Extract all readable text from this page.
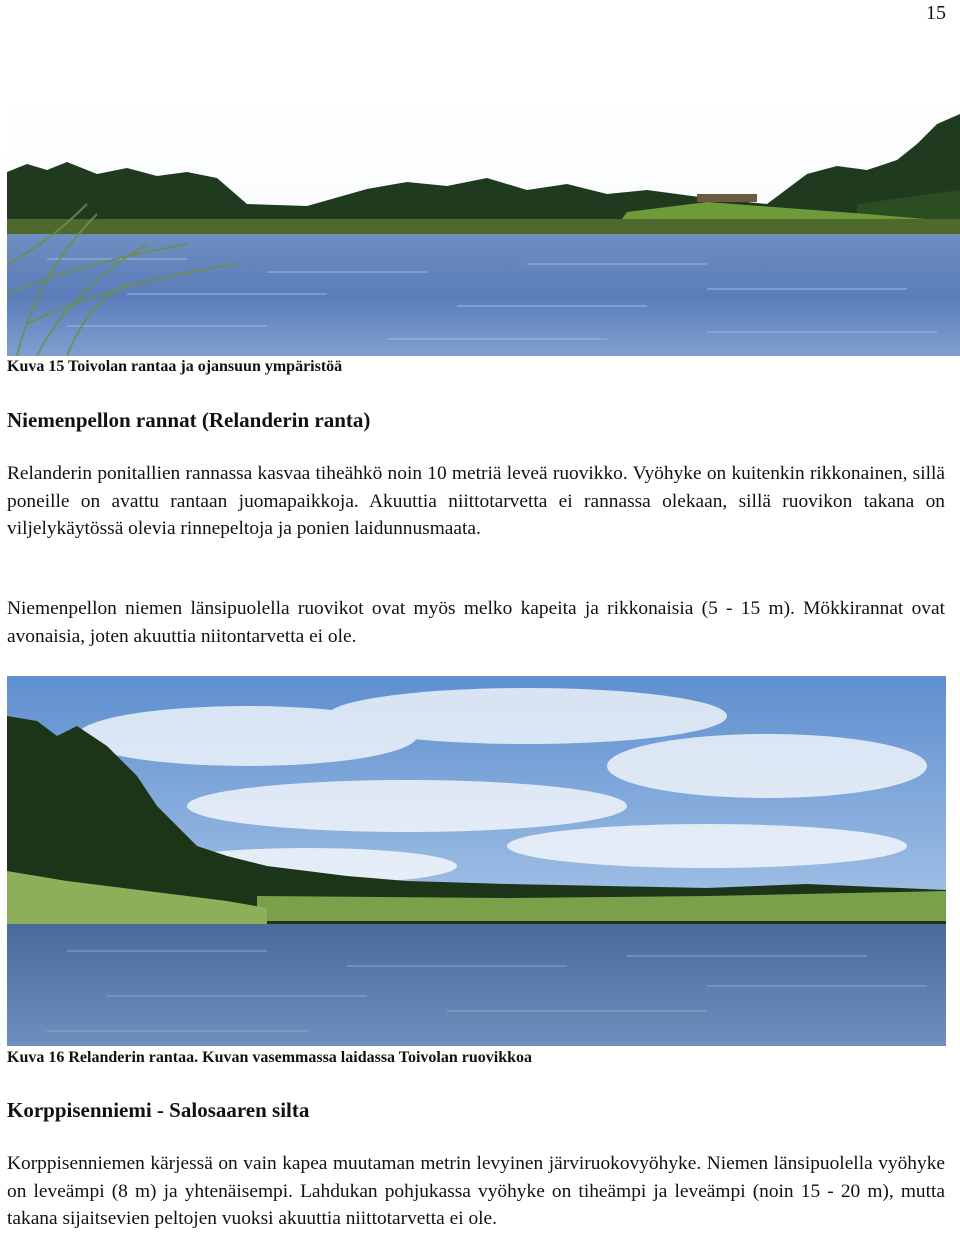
15
Kuva 15 Toivolan rantaa ja ojansuun ympäristöä
Niemenpellon rannat (Relanderin ranta)

Relanderin ponitallien rannassa kasvaa tiheähkö noin 10 metriä leveä ruovikko. Vyöhyke on kuitenkin rikkonainen, sillä poneille on avattu rantaan juomapaikkoja. Akuuttia niittotarvetta ei rannassa olekaan, sillä ruovikon takana on viljelykäytössä olevia rinnepeltoja ja ponien laidunnusmaata.

Niemenpellon niemen länsipuolella ruovikot ovat myös melko kapeita ja rikkonaisia (5 - 15 m). Mökkirannat ovat avonaisia, joten akuuttia niitontarvetta ei ole.

Kuva 16 Relanderin rantaa. Kuvan vasemmassa laidassa Toivolan ruovikkoa
Korppisenniemi - Salosaaren silta

Korppisenniemen kärjessä on vain kapea muutaman metrin levyinen järviruokovyöhyke. Niemen länsipuolella vyöhyke on leveämpi (8 m) ja yhtenäisempi. Lahdukan pohjukassa vyöhyke on tiheämpi ja leveämpi (noin 15 - 20 m), mutta takana sijaitsevien peltojen vuoksi akuuttia niittotarvetta ei ole.
